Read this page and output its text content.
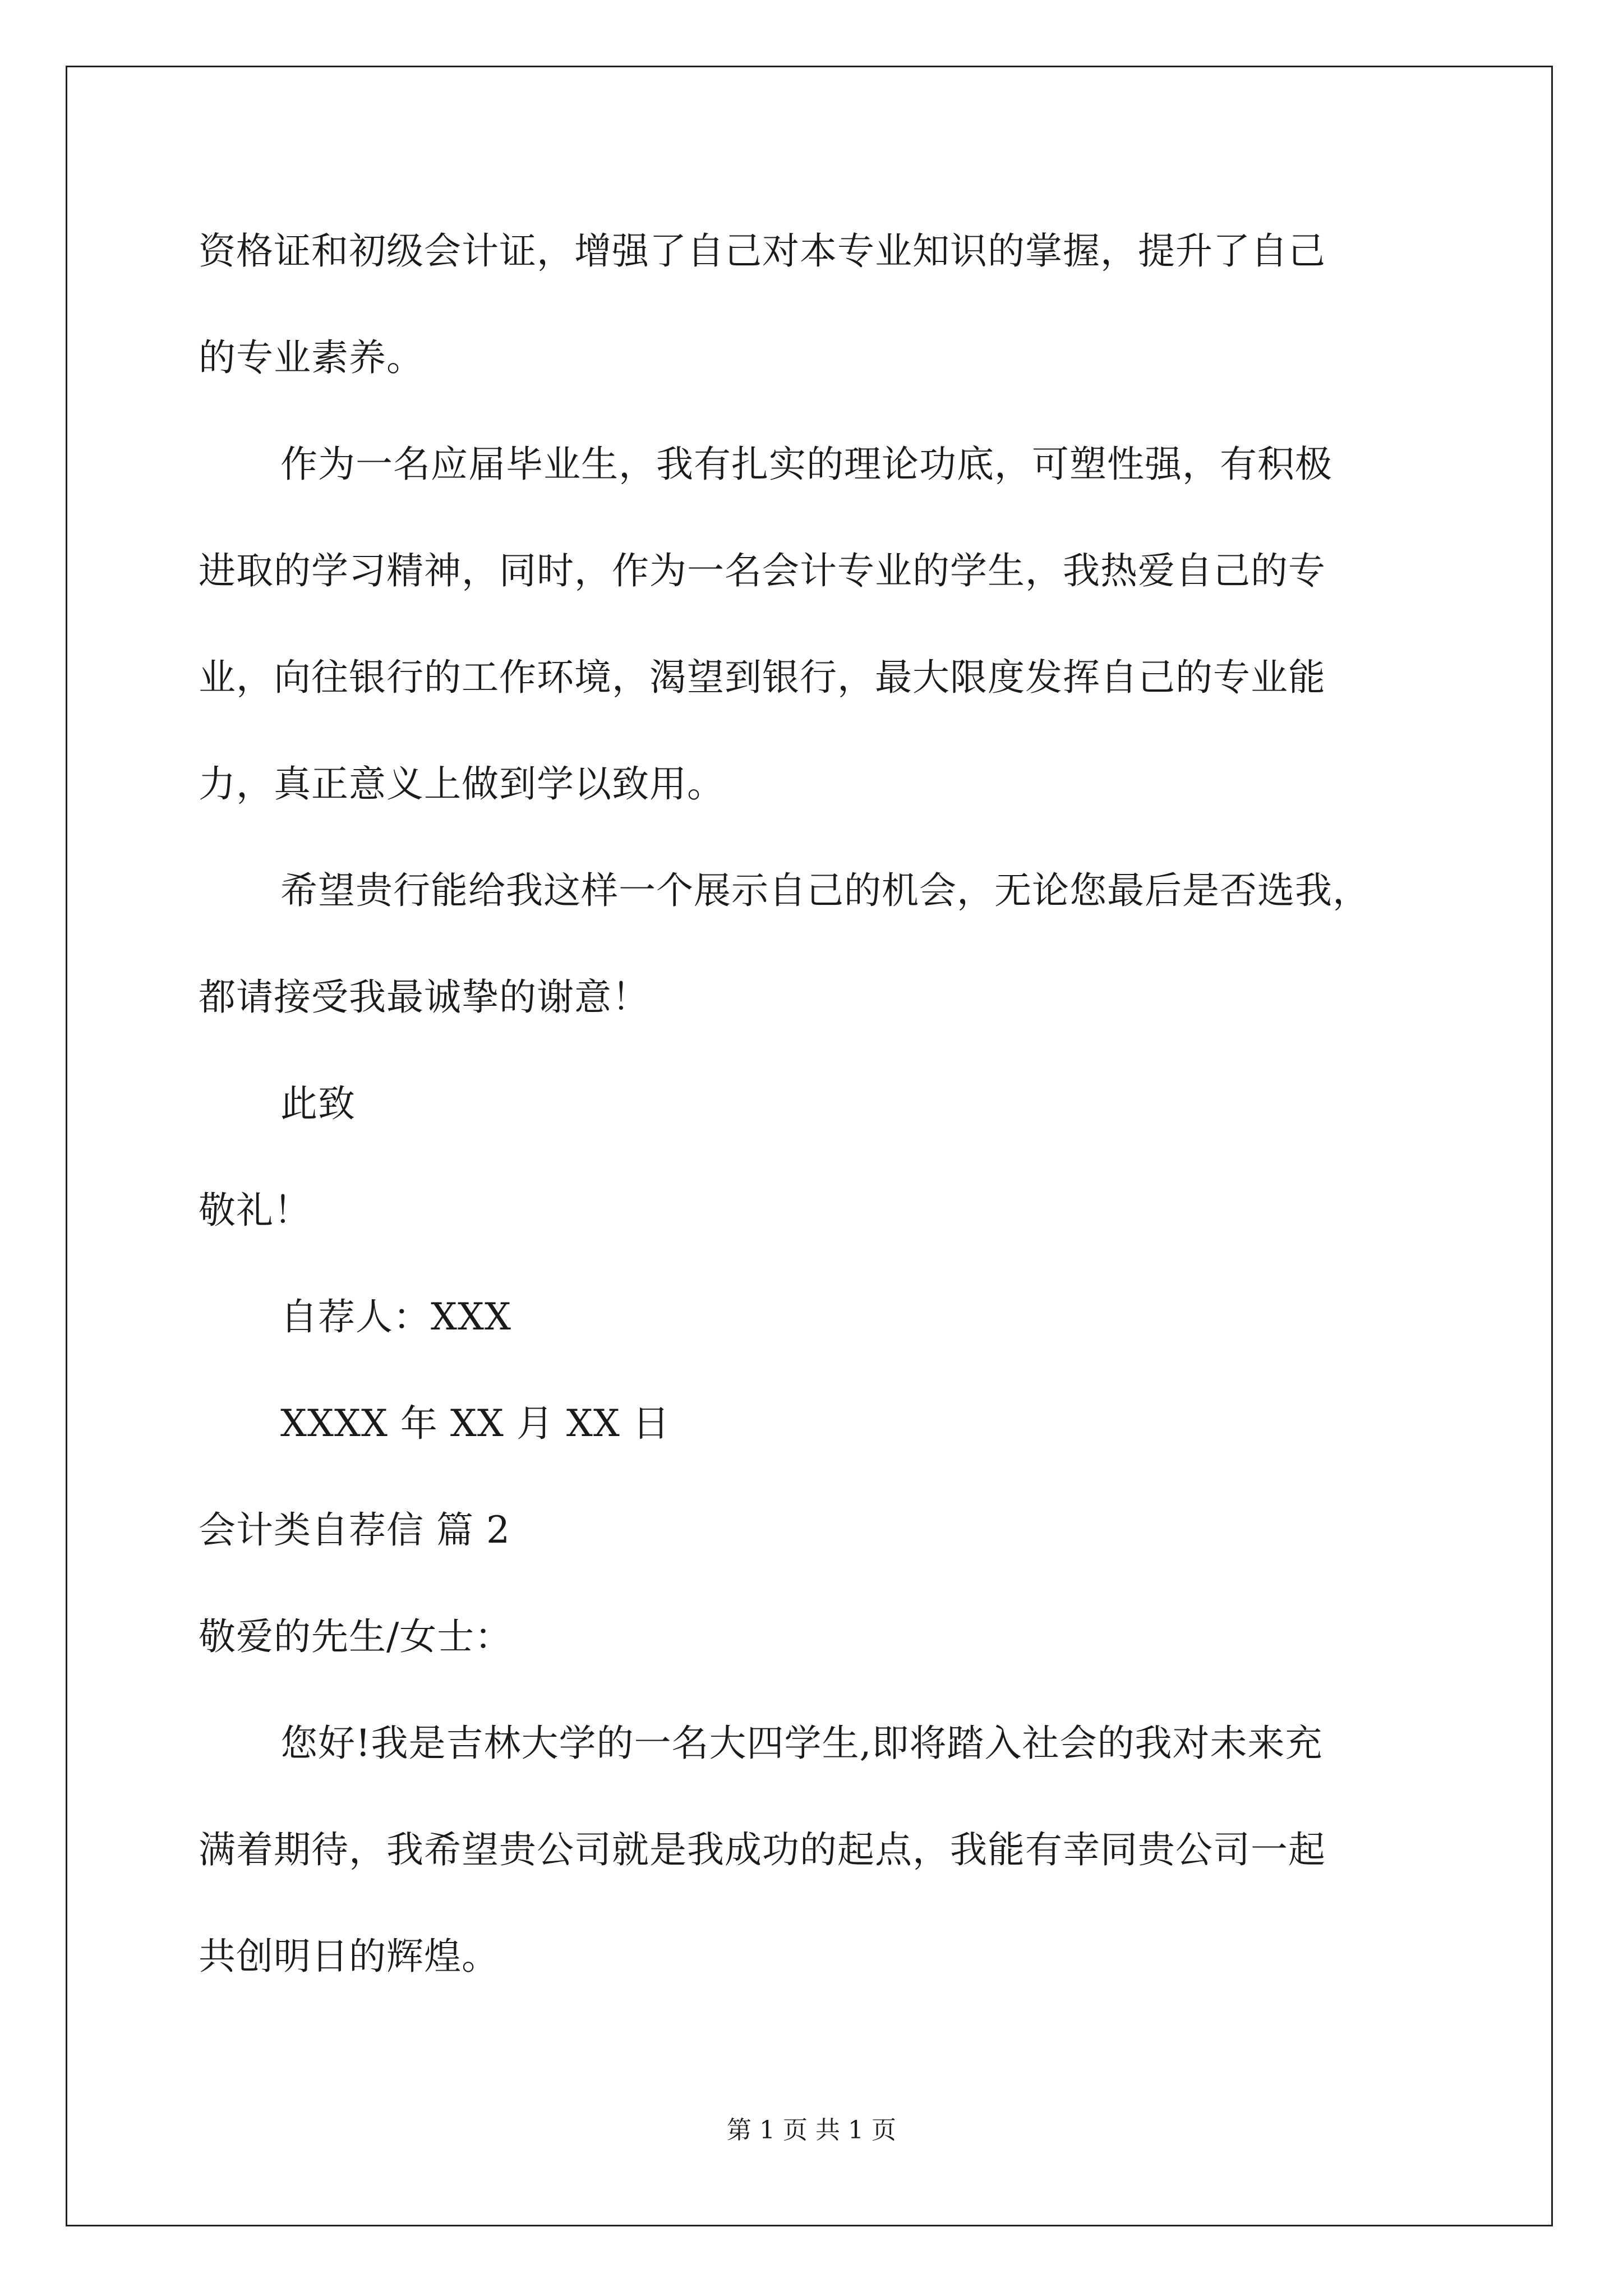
资格证和初级会计证，增强了自己对本专业知识的掌握，提升了自己
的专业素养。
作为一名应届毕业生，我有扎实的理论功底，可塑性强，有积极
进取的学习精神，同时，作为一名会计专业的学生，我热爱自己的专
业，向往银行的工作环境，渴望到银行，最大限度发挥自己的专业能
力，真正意义上做到学以致用。
希望贵行能给我这样一个展示自己的机会，无论您最后是否选我，
都请接受我最诚挚的谢意！
此致
敬礼！
自荐人：XXX
XXXX 年 XX 月 XX 日
会计类自荐信 篇 2
敬爱的先生/女士：
您好!我是吉林大学的一名大四学生,即将踏入社会的我对未来充
满着期待，我希望贵公司就是我成功的起点，我能有幸同贵公司一起
共创明日的辉煌。
第 1 页 共 1 页
